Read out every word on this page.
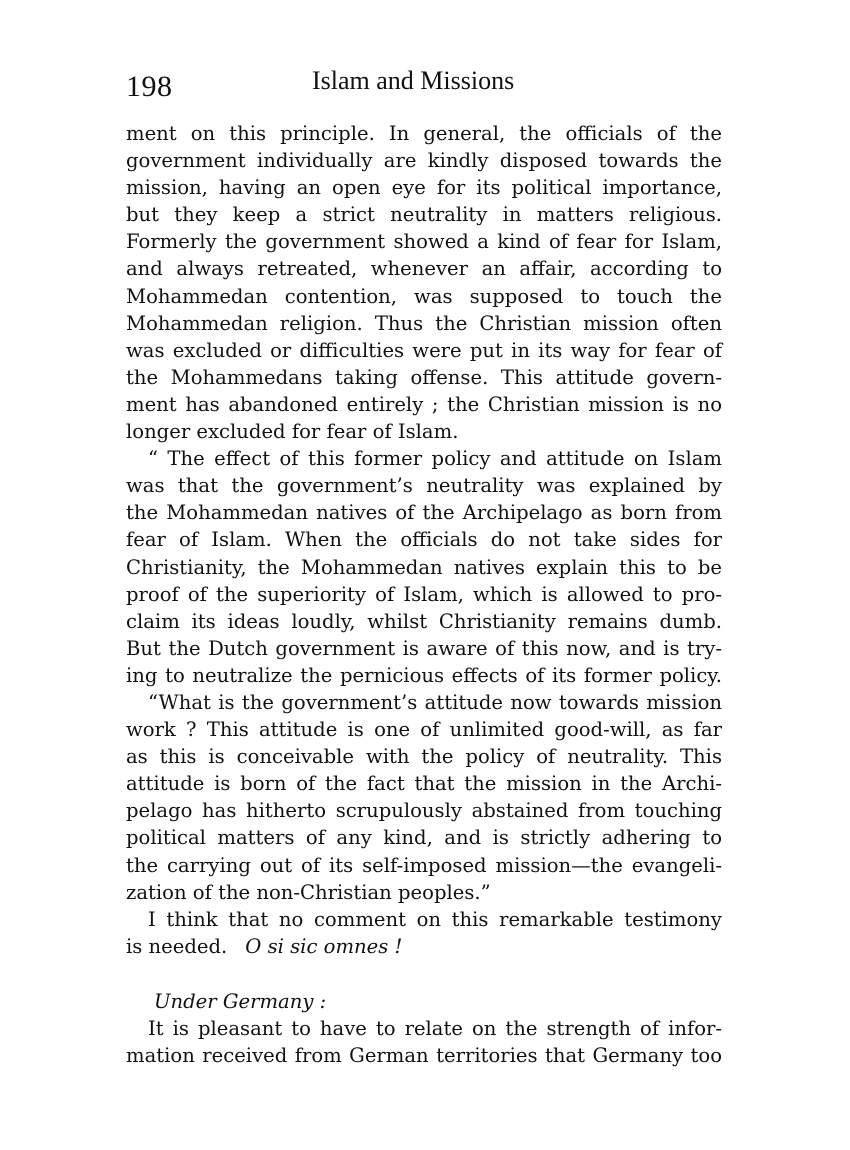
198	Islam and Missions
ment on this principle. In general, the officials of the
government individually are kindly disposed towards the
mission, having an open eye for its political importance,
but they keep a strict neutrality in matters religious.
Formerly the government showed a kind of fear for Islam,
and always retreated, whenever an affair, according to
Mohammedan contention, was supposed to touch the
Mohammedan religion. Thus the Christian mission often
was excluded or difficulties were put in its way for fear of
the Mohammedans taking offense. This attitude govern-
ment has abandoned entirely ; the Christian mission is no
longer excluded for fear of Islam.
“ The effect of this former policy and attitude on Islam
was that the government’s neutrality was explained by
the Mohammedan natives of the Archipelago as born from
fear of Islam. When the officials do not take sides for
Christianity, the Mohammedan natives explain this to be
proof of the superiority of Islam, which is allowed to pro-
claim its ideas loudly, whilst Christianity remains dumb.
But the Dutch government is aware of this now, and is try-
ing to neutralize the pernicious effects of its former policy.
“What is the government’s attitude now towards mission
work ? This attitude is one of unlimited good-will, as far
as this is conceivable with the policy of neutrality. This
attitude is born of the fact that the mission in the Archi-
pelago has hitherto scrupulously abstained from touching
political matters of any kind, and is strictly adhering to
the carrying out of its self-imposed mission—the evangeli-
zation of the non-Christian peoples.”
I think that no comment on this remarkable testimony
is needed. O si sic omnes !
Under Germany :
It is pleasant to have to relate on the strength of infor-
mation received from German territories that Germany too
